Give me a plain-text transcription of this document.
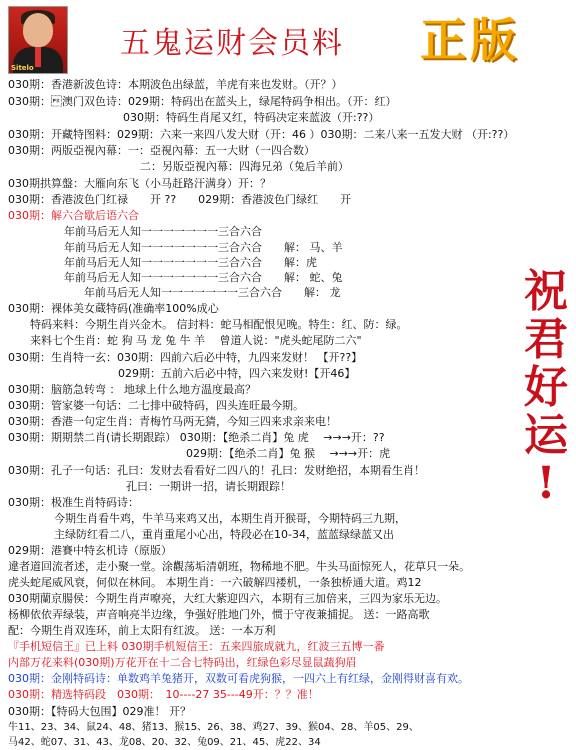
Sitelo
五鬼运财会员料 正版
祝
君
好
运
!
030期：香港新波色诗：本期波色出绿蓝，羊虎有来也发财。（开？）
030期：澳门双色诗：029期：特码出在蓝头上，绿尾特码争相出。（开：红）
030期：特码生肖尾又红，特码决定来蓝波（开:??）
030期：开藏特图料：029期：六来一来四八发大财（开：46 ）030期：二来八来一五发大财 （开:??）
030期：两版亞視內幕：一：亞視內幕：五一大财（一四合数）
二：另版亞視內幕：四海兄弟（兔后羊前）
030期拱算盤：大雁向东飞（小马赶路汗满身）开：？
030期：香港波色门红禄　　开 ??　　029期：香港波色门绿红　　开
030期：解六合歇后语六合
年前马后无人知一一一一一一一三合六合
年前马后无人知一一一一一一一三合六合　　解： 马、羊
年前马后无人知一一一一一一一三合六合　　解：虎
年前马后无人知一一一一一一一三合六合　　解： 蛇、兔
年前马后无人知一一一一一一一三合六合　　解： 龙
030期：裸体美女蔵特码(准确率100%成心
特码来料：今期生肖兴金木。 信封料：蛇马相配恨见晚。特生：红、防：绿。
来料七个生肖：蛇 狗 马 龙 兔 牛 羊　 曾道人说："虎头蛇尾防二六"
030期：生肖特一玄：030期：四前六后必中特，九四来发财！ 【开??】
029期：五前六后必中特，四六来发财!【开46】
030期：脑筋急转弯 ： 地球上什么地方温度最高？
030期：管家婆一句话：二七排中破特码，四头连旺最今期。
030期：香港一句定生肖：青梅竹马两无猜，今知三四来求亲来电！
030期：期期禁二肖(请长期跟踪） 030期：【绝杀二肖】兔 虎　 →→→开：??
029期：【绝杀二肖】兔 猴　 →→→开：虎
030期：孔子一句话：孔曰：发财去看看好二四八的！孔曰：发财绝招，本期看生肖！
孔曰：一期讲一招，请长期跟踪！
030期：极准生肖特码诗：
今期生肖看牛鸡，牛羊马来鸡又出，本期生肖开猴哥，今期特码三九期，
主绿防红看二八，重肖重尾小心出，特段必在10-34，蓝蓝绿绿蓝又出
029期：港賽中特玄机诗（原版）
違者道回流者述，走小聚一堂。涂觀荡垢清朝班，物稀地不肥。牛头马面惊死人，花草只一朵。
虎头蛇尾威风衰，何似在林间。 本期生肖：一六破解四褛机，一条独桥通大道。鸡12
030期蘭京腸侯：今期生肖声嘹亮，大红大紫迎四六，本期有三加倍来，三四为家乐无边。
杨柳依依弄绿装，声音响亮半边缘，争强好胜地门外，惯于守夜兼捕捉。 送：一路高歌
配：今期生肖双连环，前上太阳有红波。 送：一本万利
『手机短信王』已上料 030期手机短信王：五来四旅成就九，红波三五博一番
内部万花来料(030期)万花开在十二合七特码出，红绿色彩尽显鼠蔬狗眉
030期：金刚特码诗：单数鸡羊兔猪开，双数可看虎狗猴，一四六上有红绿，金刚得财喜有欢。
030期：精选特码段　030期：　10----27 35---49开：？？准！
030期：【特码大包围】029准！ 开？
牛11、23、34、鼠24、48、猪13、猴15、26、38、鸡27、39、猴04、28、羊05、29、
马42、蛇07、31、43、龙08、20、32、兔09、21、45、虎22、34
